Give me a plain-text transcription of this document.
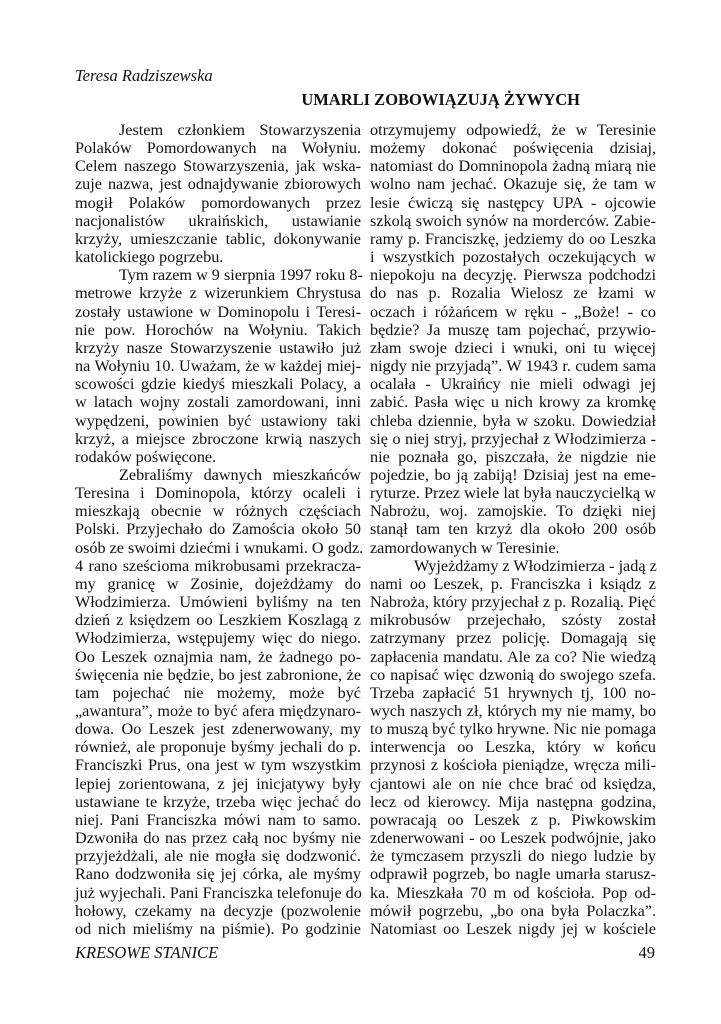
Teresa Radziszewska
UMARLI ZOBOWIĄZUJĄ ŻYWYCH
Jestem członkiem Stowarzyszenia
Polaków Pomordowanych na Wołyniu.
Celem naszego Stowarzyszenia, jak wska-
zuje nazwa, jest odnajdywanie zbiorowych
mogił Polaków pomordowanych przez
nacjonalistów ukraińskich, ustawianie
krzyży, umieszczanie tablic, dokonywanie
katolickiego pogrzebu.
Tym razem w 9 sierpnia 1997 roku 8-
metrowe krzyże z wizerunkiem Chrystusa
zostały ustawione w Dominopolu i Teresi-
nie pow. Horochów na Wołyniu. Takich
krzyży nasze Stowarzyszenie ustawiło już
na Wołyniu 10. Uważam, że w każdej miej-
scowości gdzie kiedyś mieszkali Polacy, a
w latach wojny zostali zamordowani, inni
wypędzeni, powinien być ustawiony taki
krzyż, a miejsce zbroczone krwią naszych
rodaków poświęcone.
Zebraliśmy dawnych mieszkańców
Teresina i Dominopola, którzy ocaleli i
mieszkają obecnie w różnych częściach
Polski. Przyjechało do Zamościa około 50
osób ze swoimi dziećmi i wnukami. O godz.
4 rano sześcioma mikrobusami przekracza-
my granicę w Zosinie, dojeżdżamy do
Włodzimierza. Umówieni byliśmy na ten
dzień z księdzem oo Leszkiem Koszlagą z
Włodzimierza, wstępujemy więc do niego.
Oo Leszek oznajmia nam, że żadnego po-
święcenia nie będzie, bo jest zabronione, że
tam pojechać nie możemy, może być
„awantura”, może to być afera międzynaro-
dowa. Oo Leszek jest zdenerwowany, my
również, ale proponuje byśmy jechali do p.
Franciszki Prus, ona jest w tym wszystkim
lepiej zorientowana, z jej inicjatywy były
ustawiane te krzyże, trzeba więc jechać do
niej. Pani Franciszka mówi nam to samo.
Dzwoniła do nas przez całą noc byśmy nie
przyjeżdżali, ale nie mogła się dodzwonić.
Rano dodzwoniła się jej córka, ale myśmy
już wyjechali. Pani Franciszka telefonuje do
hołowy, czekamy na decyzje (pozwolenie
od nich mieliśmy na piśmie). Po godzinie
otrzymujemy odpowiedź, że w Teresinie
możemy dokonać poświęcenia dzisiaj,
natomiast do Domninopola żadną miarą nie
wolno nam jechać. Okazuje się, że tam w
lesie ćwiczą się następcy UPA - ojcowie
szkolą swoich synów na morderców. Zabie-
ramy p. Franciszkę, jedziemy do oo Leszka
i wszystkich pozostałych oczekujących w
niepokoju na decyzję. Pierwsza podchodzi
do nas p. Rozalia Wielosz ze łzami w
oczach i różańcem w ręku - „Boże! - co
będzie? Ja muszę tam pojechać, przywio-
złam swoje dzieci i wnuki, oni tu więcej
nigdy nie przyjadą”. W 1943 r. cudem sama
ocalała - Ukraińcy nie mieli odwagi jej
zabić. Pasła więc u nich krowy za kromkę
chleba dziennie, była w szoku. Dowiedział
się o niej stryj, przyjechał z Włodzimierza -
nie poznała go, piszczała, że nigdzie nie
pojedzie, bo ją zabiją! Dzisiaj jest na eme-
ryturze. Przez wiele lat była nauczycielką w
Nabrożu, woj. zamojskie. To dzięki niej
stanął tam ten krzyż dla około 200 osób
zamordowanych w Teresinie.
Wyjeżdżamy z Włodzimierza - jadą z
nami oo Leszek, p. Franciszka i ksiądz z
Nabroża, który przyjechał z p. Rozalią. Pięć
mikrobusów przejechało, szósty został
zatrzymany przez policję. Domagają się
zapłacenia mandatu. Ale za co? Nie wiedzą
co napisać więc dzwonią do swojego szefa.
Trzeba zapłacić 51 hrywnych tj, 100 no-
wych naszych zł, których my nie mamy, bo
to muszą być tylko hrywne. Nic nie pomaga
interwencja oo Leszka, który w końcu
przynosi z kościoła pieniądze, wręcza mili-
cjantowi ale on nie chce brać od księdza,
lecz od kierowcy. Mija następna godzina,
powracają oo Leszek z p. Piwkowskim
zdenerwowani - oo Leszek podwójnie, jako
że tymczasem przyszli do niego ludzie by
odprawił pogrzeb, bo nagle umarła starusz-
ka. Mieszkała 70 m od kościoła. Pop od-
mówił pogrzebu, „bo ona była Polaczka”.
Natomiast oo Leszek nigdy jej w kościele
KRESOWE STANICE	49
